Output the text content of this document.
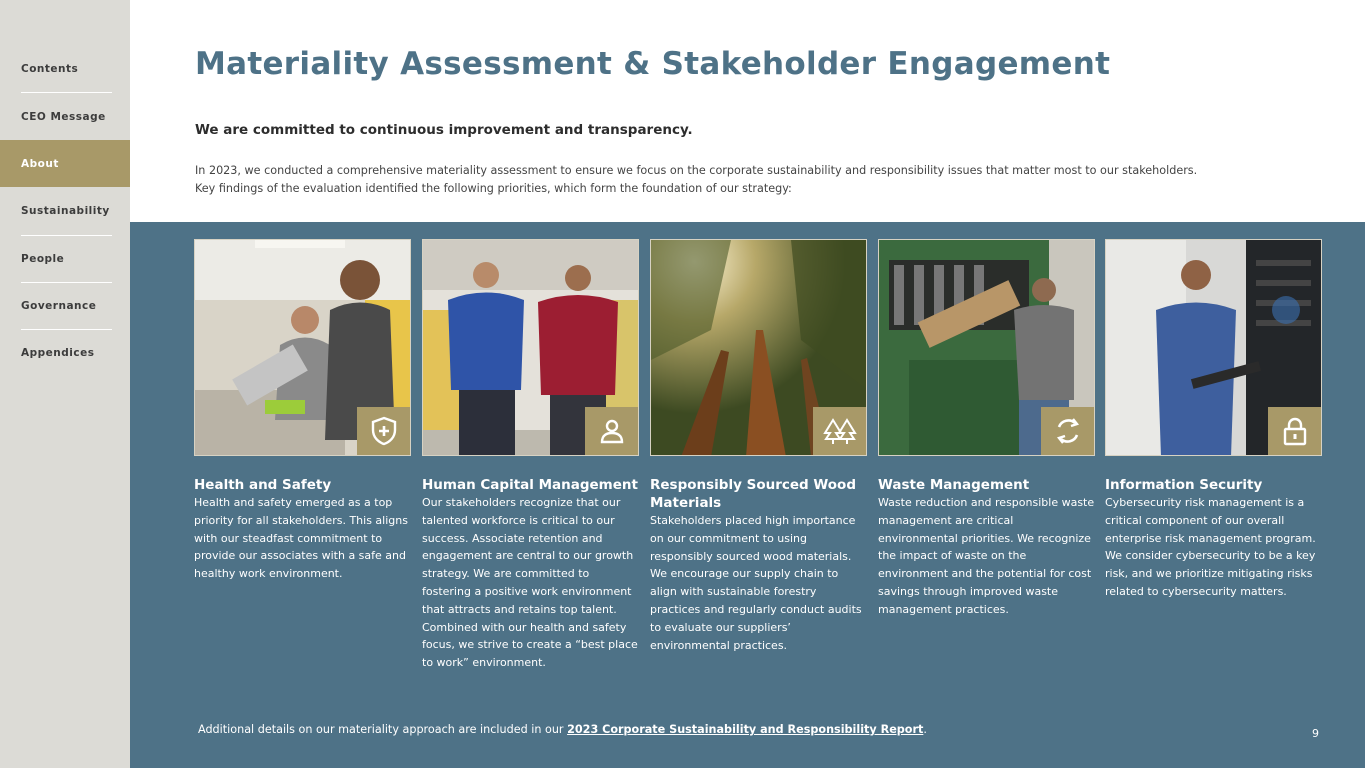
Contents
CEO Message
About
Sustainability
People
Governance
Appendices
Materiality Assessment & Stakeholder Engagement
We are committed to continuous improvement and transparency.
In 2023, we conducted a comprehensive materiality assessment to ensure we focus on the corporate sustainability and responsibility issues that matter most to our stakeholders.
Key findings of the evaluation identified the following priorities, which form the foundation of our strategy:
Health and Safety
Health and safety emerged as a top priority for all stakeholders. This aligns with our steadfast commitment to provide our associates with a safe and healthy work environment.
Human Capital Management
Our stakeholders recognize that our talented workforce is critical to our success. Associate retention and engagement are central to our growth strategy. We are committed to fostering a positive work environment that attracts and retains top talent. Combined with our health and safety focus, we strive to create a “best place to work” environment.
Responsibly Sourced Wood Materials
Stakeholders placed high importance on our commitment to using responsibly sourced wood materials. We encourage our supply chain to align with sustainable forestry practices and regularly conduct audits to evaluate our suppliers’ environmental practices.
Waste Management
Waste reduction and responsible waste management are critical environmental priorities. We recognize the impact of waste on the environment and the potential for cost savings through improved waste management practices.
Information Security
Cybersecurity risk management is a critical component of our overall enterprise risk management program. We consider cybersecurity to be a key risk, and we prioritize mitigating risks related to cybersecurity matters.
Additional details on our materiality approach are included in our 2023 Corporate Sustainability and Responsibility Report.	9
